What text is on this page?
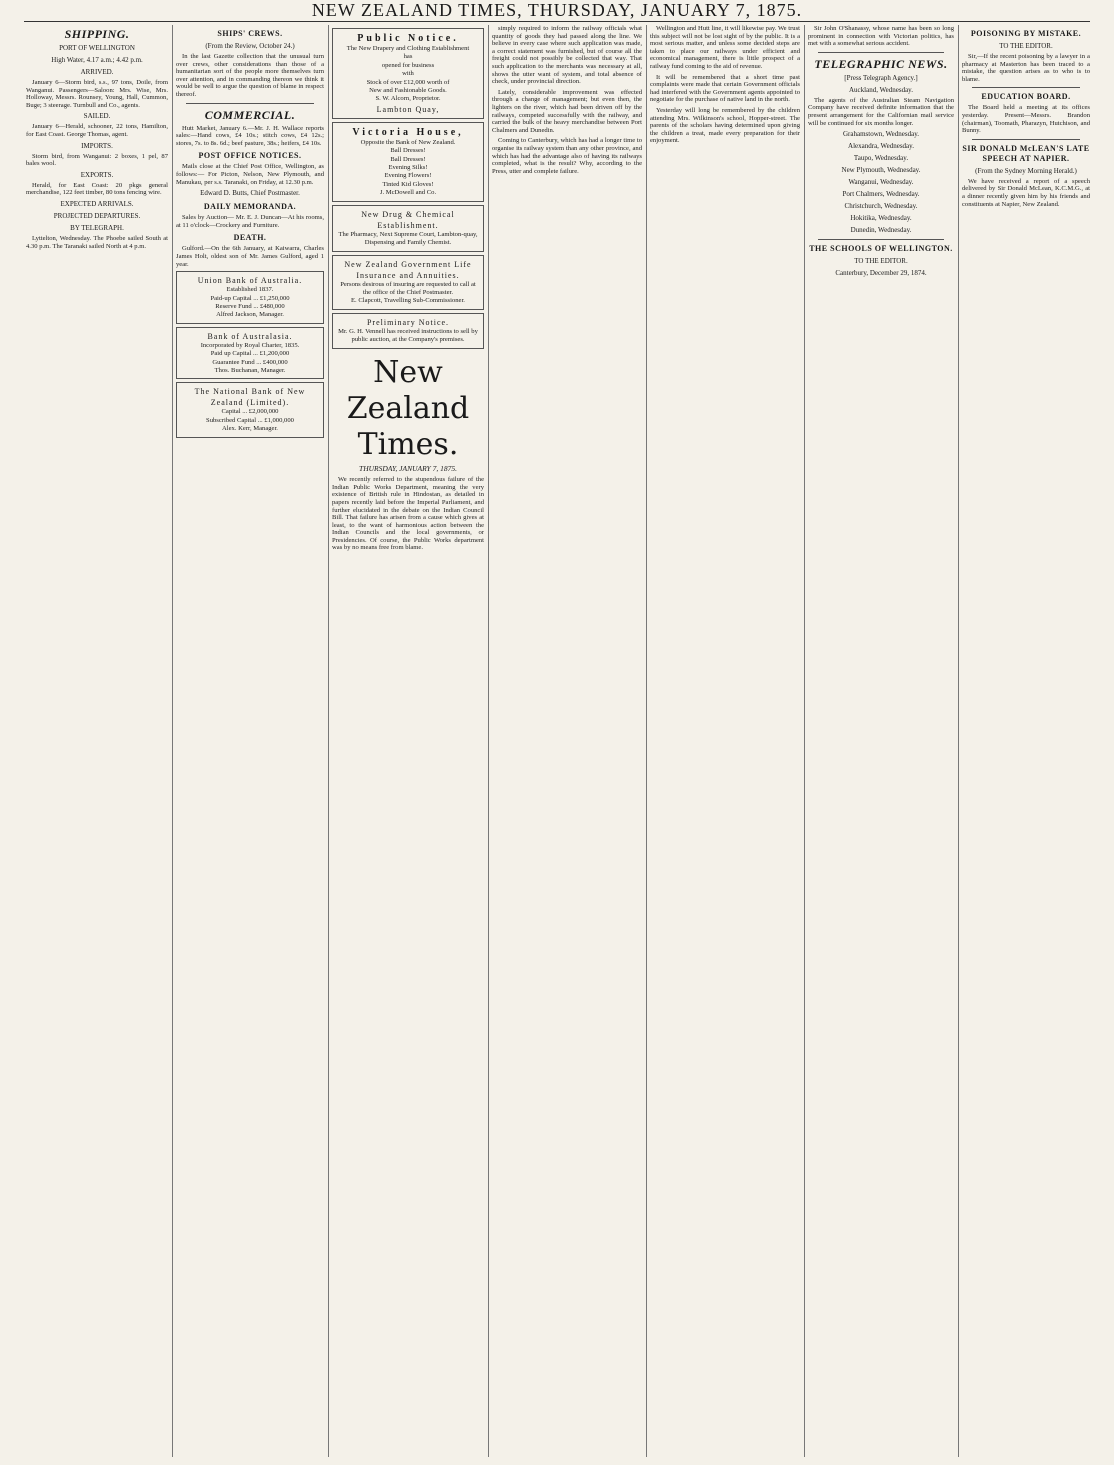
NEW ZEALAND TIMES, THURSDAY, JANUARY 7, 1875.
SHIPPING.
PORT OF WELLINGTON
High Water, 4.17 a.m.; 4.42 p.m.
ARRIVED.

January 6—Storm bird, s.s., 97 tons, Doile, from Wanganui. Passengers—Saloon: Mrs. Wise, Mrs. Holloway, Messrs. Rounsey, Young, Hall, Cummon, Buge; 3 steerage. Turnbull and Co., agents.

SAILED.

January 6—Herald, schooner, 22 tons, Hamilton, for East Coast. George Thomas, agent.

IMPORTS.

Storm bird, from Wanganui: 2 boxes, 1 pel, 87 bales wool.

EXPORTS.

Herald, for East Coast: 20 pkgs general merchandise, 122 feet timber, 80 tons fencing wire.

EXPECTED ARRIVALS.
PROJECTED DEPARTURES.
BY TELEGRAPH.

Lyttelton, Wednesday. The Phoebe sailed South at 4.30 p.m. The Taranaki sailed North at 4 p.m.

SHIPS' CREWS.
(From the Review, October 24.)

In the last Gazette collection that the unusual turn over crews, other considerations than those of a humanitarian sort of the people more themselves turn over attention, and in commanding thereon we think it would be well to argue the question of blame in respect thereof.

COMMERCIAL.

Hutt Market, January 6.—Mr. J. H. Wallace reports sales:—Hand cows, £4 10s.; stitch cows, £4 12s.; stores, 7s. to 8s. 6d.; beef pasture, 38s.; heifers, £4 10s.

POST OFFICE NOTICES.

Mails close at the Chief Post Office, Wellington, as follows:— For Picton, Nelson, New Plymouth, and Manukau, per s.s. Taranaki, on Friday, at 12.30 p.m.

Edward D. Butts, Chief Postmaster.
DAILY MEMORANDA.

Sales by Auction— Mr. E. J. Duncan—At his rooms, at 11 o'clock—Crockery and Furniture.

DEATH.

Gulford.—On the 6th January, at Kaiwarra, Charles James Holt, oldest son of Mr. James Gulford, aged 1 year.

Union Bank of Australia.
Established 1837.
Paid-up Capital ... £1,250,000
Reserve Fund ... £480,000
Alfred Jackson, Manager.
Bank of Australasia.
Incorporated by Royal Charter, 1835.
Paid up Capital ... £1,200,000
Guarantee Fund ... £400,000
Thos. Buchanan, Manager.
The National Bank of New Zealand (Limited).
Capital ... £2,000,000
Subscribed Capital ... £1,000,000
Alex. Kerr, Manager.
Public Notice.
The New Drapery and Clothing Establishment
has
opened for business
with
Stock of over £12,000 worth of
New and Fashionable Goods.
S. W. Alcorn, Proprietor.
Lambton Quay,
Victoria House,
Opposite the Bank of New Zealand.
Ball Dresses!
Ball Dresses!
Evening Silks!
Evening Flowers!
Tinted Kid Gloves!
J. McDowell and Co.
New Drug & Chemical Establishment.
The Pharmacy, Next Supreme Court, Lambton-quay,
Dispensing and Family Chemist.
New Zealand Government Life Insurance and Annuities.
Persons desirous of insuring are requested to call at the office of the Chief Postmaster.
E. Clapcott, Travelling Sub-Commissioner.
Preliminary Notice.
Mr. G. H. Vennell has received instructions to sell by public auction, at the Company's premises.
New Zealand Times.
THURSDAY, JANUARY 7, 1875.

We recently referred to the stupendous failure of the Indian Public Works Department, meaning the very existence of British rule in Hindostan, as detailed in papers recently laid before the Imperial Parliament, and further elucidated in the debate on the Indian Council Bill. That failure has arisen from a cause which gives at least, to the want of harmonious action between the Indian Councils and the local governments, or Presidencies. Of course, the Public Works department was by no means free from blame.

simply required to inform the railway officials what quantity of goods they had passed along the line. We believe in every case where such application was made, a correct statement was furnished, but of course all the freight could not possibly be collected that way. That such application to the merchants was necessary at all, shows the utter want of system, and total absence of check, under provincial direction.

Lately, considerable improvement was effected through a change of management; but even then, the lighters on the river, which had been driven off by the railways, competed successfully with the railway, and carried the bulk of the heavy merchandise between Port Chalmers and Dunedin.

Coming to Canterbury, which has had a longer time to organise its railway system than any other province, and which has had the advantage also of having its railways completed, what is the result? Why, according to the Press, utter and complete failure.

Wellington and Hutt line, it will likewise pay. We trust this subject will not be lost sight of by the public. It is a most serious matter, and unless some decided steps are taken to place our railways under efficient and economical management, there is little prospect of a railway fund coming to the aid of revenue.

It will be remembered that a short time past complaints were made that certain Government officials had interfered with the Government agents appointed to negotiate for the purchase of native land in the north.

Yesterday will long be remembered by the children attending Mrs. Wilkinson's school, Hopper-street. The parents of the scholars having determined upon giving the children a treat, made every preparation for their enjoyment.

Sir John O'Shanassy, whose name has been so long prominent in connection with Victorian politics, has met with a somewhat serious accident.

TELEGRAPHIC NEWS.
[Press Telegraph Agency.]
Auckland, Wednesday.

The agents of the Australian Steam Navigation Company have received definite information that the present arrangement for the Californian mail service will be continued for six months longer.

Grahamstown, Wednesday.
Alexandra, Wednesday.
Taupo, Wednesday.
New Plymouth, Wednesday.
Wanganui, Wednesday.
Port Chalmers, Wednesday.
Christchurch, Wednesday.
Hokitika, Wednesday.
Dunedin, Wednesday.
THE SCHOOLS OF WELLINGTON.
TO THE EDITOR.
Canterbury, December 29, 1874.
POISONING BY MISTAKE.
TO THE EDITOR.

Sir,—If the recent poisoning by a lawyer in a pharmacy at Masterton has been traced to a mistake, the question arises as to who is to blame.

EDUCATION BOARD.

The Board held a meeting at its offices yesterday. Present—Messrs. Brandon (chairman), Toomath, Pharazyn, Hutchison, and Bunny.

SIR DONALD McLEAN'S LATE SPEECH AT NAPIER.
(From the Sydney Morning Herald.)

We have received a report of a speech delivered by Sir Donald McLean, K.C.M.G., at a dinner recently given him by his friends and constituents at Napier, New Zealand.
